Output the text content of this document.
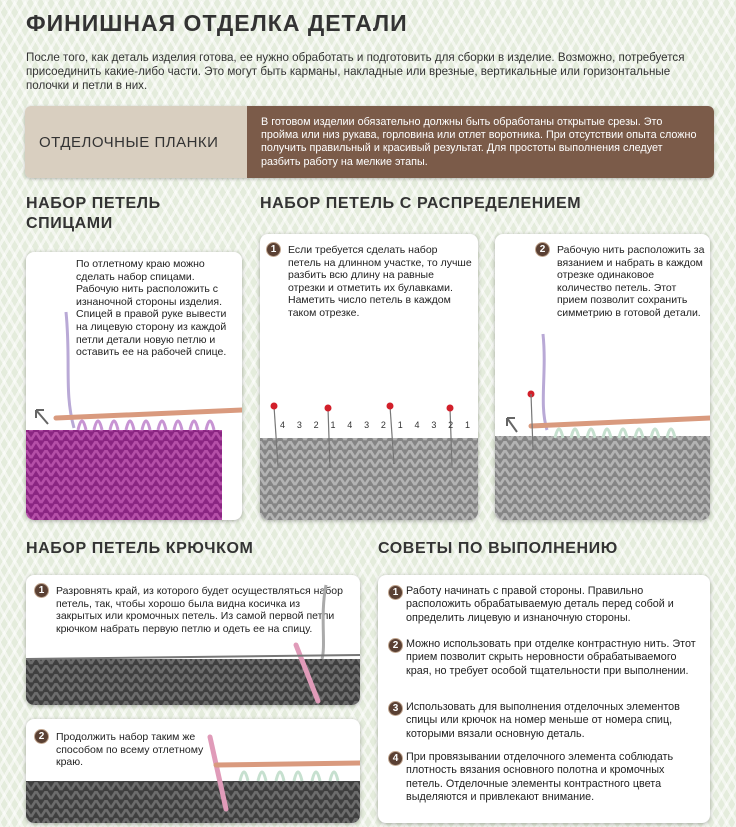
ФИНИШНАЯ ОТДЕЛКА ДЕТАЛИ
После того, как деталь изделия готова, ее нужно обработать и подготовить для сборки в изделие. Возможно, потребуется присоединить какие-либо части. Это могут быть карманы, накладные или врезные, вертикальные или горизонтальные полочки и петли в них.
ОТДЕЛОЧНЫЕ ПЛАНКИ
В готовом изделии обязательно должны быть обработаны открытые срезы. Это пройма или низ рукава, горловина или отлет воротника. При отсутствии опыта сложно получить правильный и красивый результат. Для простоты выполнения следует разбить работу на мелкие этапы.
НАБОР ПЕТЕЛЬ
СПИЦАМИ
По отлетному краю можно сделать набор спицами. Рабочую нить расположить с изнаночной стороны изделия. Спицей в правой руке вывести на лицевую сторону из каждой петли детали новую петлю и оставить ее на рабочей спице.
НАБОР ПЕТЕЛЬ С РАСПРЕДЕЛЕНИЕМ
1	Если требуется сделать набор петель на длинном участке, то лучше разбить всю длину на равные отрезки и отметить их булавками. Наметить число петель в каждом таком отрезке.
4 3 2 1 4 3 2 1 4 3 2 1
2	Рабочую нить расположить за вязанием и набрать в каждом отрезке одинаковое количество петель. Этот прием позволит сохранить симметрию в готовой детали.
НАБОР ПЕТЕЛЬ КРЮЧКОМ
1	Разровнять край, из которого будет осуществляться набор петель, так, чтобы хорошо была видна косичка из закрытых или кромочных петель. Из самой первой петли крючком набрать первую петлю и одеть ее на спицу.
2	Продолжить набор таким же способом по всему отлетному краю.
СОВЕТЫ ПО ВЫПОЛНЕНИЮ
1 Работу начинать с правой стороны. Правильно расположить обрабатываемую деталь перед собой и определить лицевую и изнаночную стороны.
2 Можно использовать при отделке контрастную нить. Этот прием позволит скрыть неровности обрабатываемого края, но требует особой тщательности при выполнении.
3 Использовать для выполнения отделочных элементов спицы или крючок на номер меньше от номера спиц, которыми вязали основную деталь.
4 При провязывании отделочного элемента соблюдать плотность вязания основного полотна и кромочных петель. Отделочные элементы контрастного цвета выделяются и привлекают внимание.
